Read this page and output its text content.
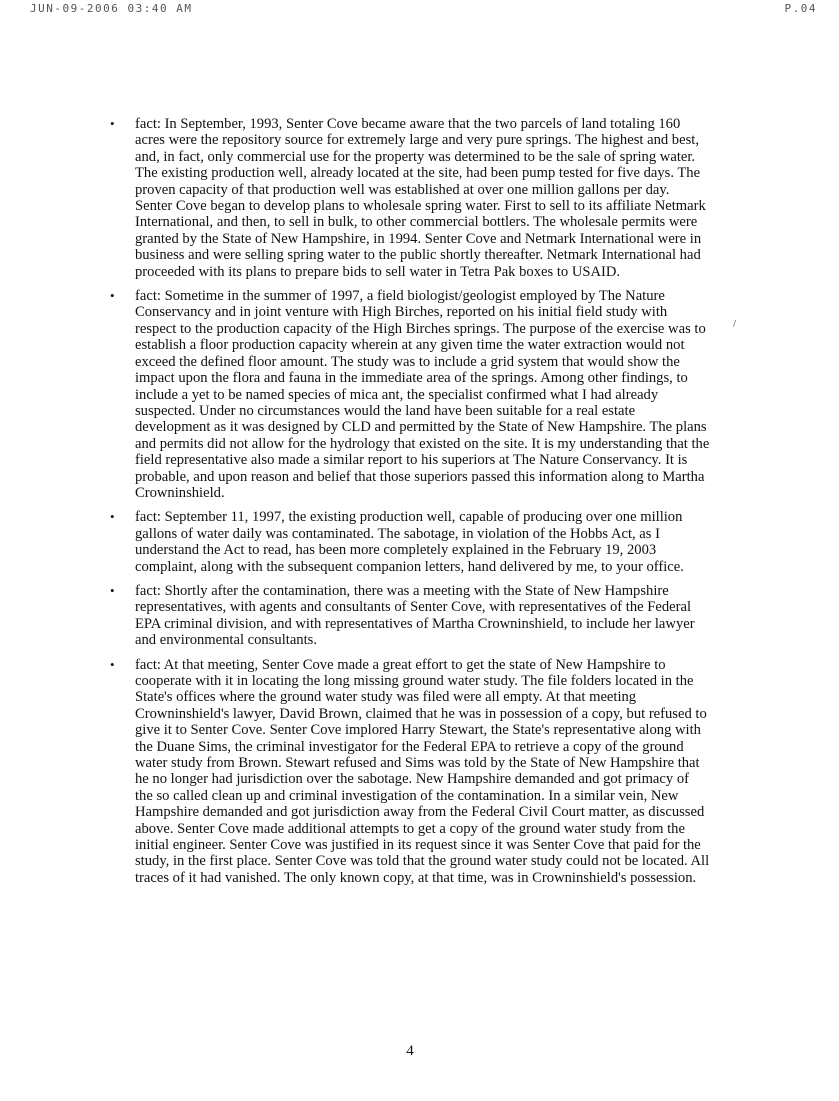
JUN-09-2006 03:40 AM	P.04
/
• fact: In September, 1993, Senter Cove became aware that the two parcels of land totaling 160 acres were the repository source for extremely large and very pure springs. The highest and best, and, in fact, only commercial use for the property was determined to be the sale of spring water. The existing production well, already located at the site, had been pump tested for five days. The proven capacity of that production well was established at over one million gallons per day. Senter Cove began to develop plans to wholesale spring water. First to sell to its affiliate Netmark International, and then, to sell in bulk, to other commercial bottlers. The wholesale permits were granted by the State of New Hampshire, in 1994. Senter Cove and Netmark International were in business and were selling spring water to the public shortly thereafter. Netmark International had proceeded with its plans to prepare bids to sell water in Tetra Pak boxes to USAID.
• fact: Sometime in the summer of 1997, a field biologist/geologist employed by The Nature Conservancy and in joint venture with High Birches, reported on his initial field study with respect to the production capacity of the High Birches springs. The purpose of the exercise was to establish a floor production capacity wherein at any given time the water extraction would not exceed the defined floor amount. The study was to include a grid system that would show the impact upon the flora and fauna in the immediate area of the springs. Among other findings, to include a yet to be named species of mica ant, the specialist confirmed what I had already suspected. Under no circumstances would the land have been suitable for a real estate development as it was designed by CLD and permitted by the State of New Hampshire. The plans and permits did not allow for the hydrology that existed on the site. It is my understanding that the field representative also made a similar report to his superiors at The Nature Conservancy. It is probable, and upon reason and belief that those superiors passed this information along to Martha Crowninshield.
• fact: September 11, 1997, the existing production well, capable of producing over one million gallons of water daily was contaminated. The sabotage, in violation of the Hobbs Act, as I understand the Act to read, has been more completely explained in the February 19, 2003 complaint, along with the subsequent companion letters, hand delivered by me, to your office.
• fact: Shortly after the contamination, there was a meeting with the State of New Hampshire representatives, with agents and consultants of Senter Cove, with representatives of the Federal EPA criminal division, and with representatives of Martha Crowninshield, to include her lawyer and environmental consultants.
• fact: At that meeting, Senter Cove made a great effort to get the state of New Hampshire to cooperate with it in locating the long missing ground water study. The file folders located in the State's offices where the ground water study was filed were all empty. At that meeting Crowninshield's lawyer, David Brown, claimed that he was in possession of a copy, but refused to give it to Senter Cove. Senter Cove implored Harry Stewart, the State's representative along with the Duane Sims, the criminal investigator for the Federal EPA to retrieve a copy of the ground water study from Brown. Stewart refused and Sims was told by the State of New Hampshire that he no longer had jurisdiction over the sabotage. New Hampshire demanded and got primacy of the so called clean up and criminal investigation of the contamination. In a similar vein, New Hampshire demanded and got jurisdiction away from the Federal Civil Court matter, as discussed above. Senter Cove made additional attempts to get a copy of the ground water study from the initial engineer. Senter Cove was justified in its request since it was Senter Cove that paid for the study, in the first place. Senter Cove was told that the ground water study could not be located. All traces of it had vanished. The only known copy, at that time, was in Crowninshield's possession.
4
